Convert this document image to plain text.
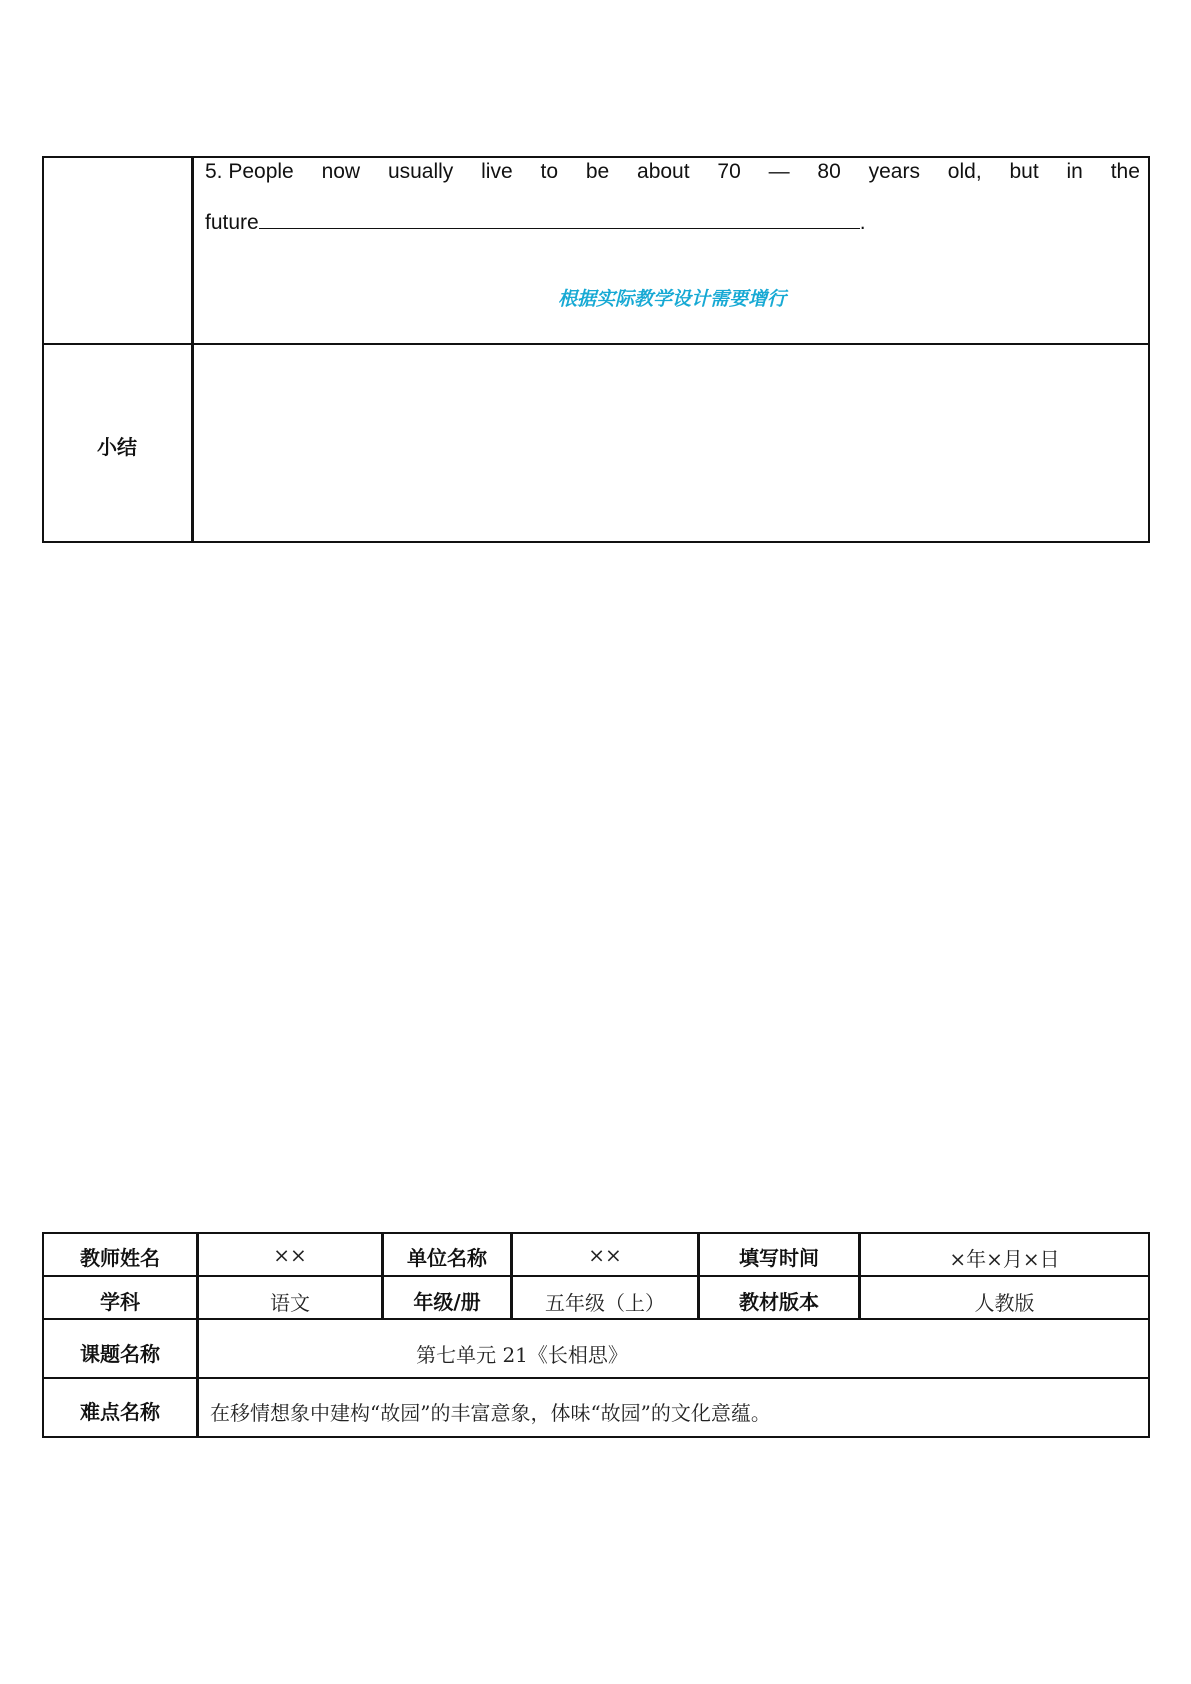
5. People now usually live to be about 70 — 80 years old, but in the
future	.
根据实际教学设计需要增行
小结
教师姓名	××	单位名称	××	填写时间	×年×月×日
学科	语文	年级/册	五年级（上）	教材版本	人教版
课题名称	第七单元 21《长相思》
难点名称	在移情想象中建构“故园”的丰富意象，体味“故园”的文化意蕴。
